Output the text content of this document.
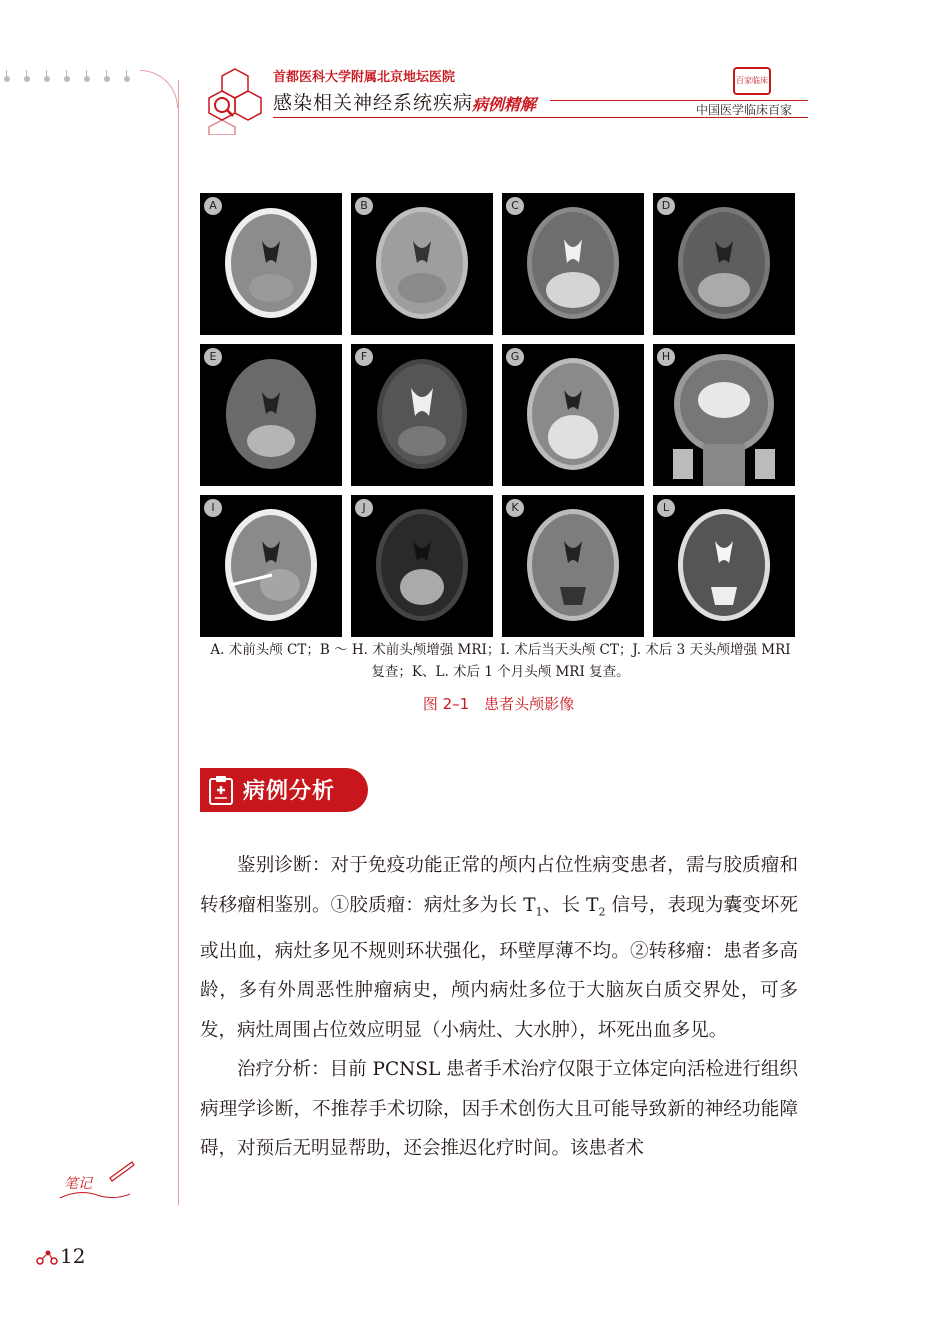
首都医科大学附属北京地坛医院
感染相关神经系统疾病
病例精解
百家临床
中国医学临床百家
A	B	C	D
E	F	G	H
I	J	K	L
A. 术前头颅 CT；B ～ H. 术前头颅增强 MRI；I. 术后当天头颅 CT；J. 术后 3 天头颅增强 MRI
复查；K、L. 术后 1 个月头颅 MRI 复查。
图 2–1　患者头颅影像
病例分析

鉴别诊断：对于免疫功能正常的颅内占位性病变患者，需与胶质瘤和转移瘤相鉴别。①胶质瘤：病灶多为长 $T_1$、长 $T_2$ 信号，表现为囊变坏死或出血，病灶多见不规则环状强化，环壁厚薄不均。②转移瘤：患者多高龄，多有外周恶性肿瘤病史，颅内病灶多位于大脑灰白质交界处，可多发，病灶周围占位效应明显（小病灶、大水肿），坏死出血多见。

治疗分析：目前 PCNSL 患者手术治疗仅限于立体定向活检进行组织病理学诊断，不推荐手术切除，因手术创伤大且可能导致新的神经功能障碍，对预后无明显帮助，还会推迟化疗时间。该患者术

笔记
12
